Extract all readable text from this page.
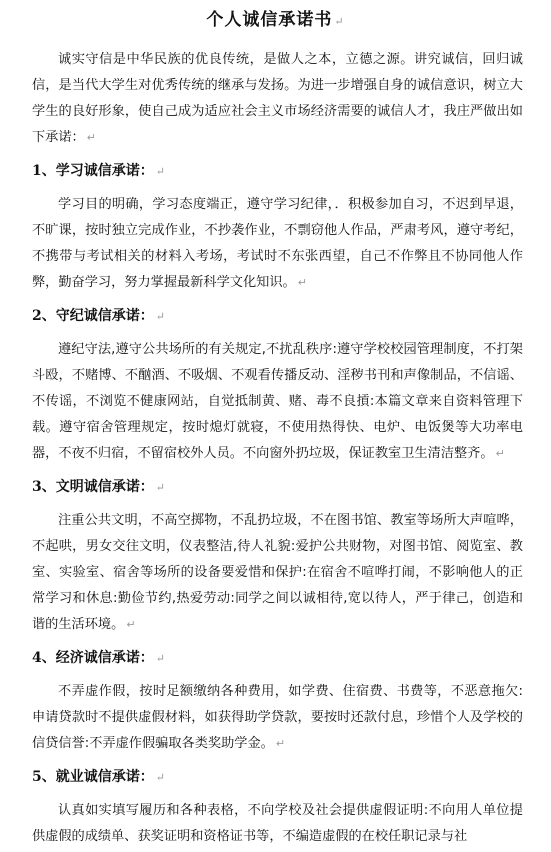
个人诚信承诺书 ↵
诚实守信是中华民族的优良传统，是做人之本，立德之源。讲究诚信，回归诚信，是当代大学生对优秀传统的继承与发扬。为进一步增强自身的诚信意识，树立大学生的良好形象，使自己成为适应社会主义市场经济需要的诚信人才，我庄严做出如下承诺： ↵
1、学习诚信承诺： ↵
学习目的明确，学习态度端正，遵守学习纪律，．积极参加自习，不迟到早退，不旷课，按时独立完成作业，不抄袭作业，不剽窃他人作品，严肃考风，遵守考纪，不携带与考试相关的材料入考场，考试时不东张西望，自己不作弊且不协同他人作弊，勤奋学习，努力掌握最新科学文化知识。 ↵
2、守纪诚信承诺： ↵
遵纪守法,遵守公共场所的有关规定,不扰乱秩序:遵守学校校园管理制度，不打架斗殴，不赌博、不酗酒、不吸烟、不观看传播反动、淫秽书刊和声像制品，不信谣、不传谣，不浏览不健康网站，自觉抵制黄、赌、毒不良摃:本篇文章来自资料管理下载。遵守宿舍管理规定，按时熄灯就寝，不使用热得快、电炉、电饭煲等大功率电器，不夜不归宿，不留宿校外人员。不向窗外扔垃圾，保证教室卫生清洁整齐。 ↵
3、文明诚信承诺： ↵
注重公共文明，不高空掷物，不乱扔垃圾，不在图书馆、教室等场所大声喧哗，不起哄，男女交往文明，仪表整洁,待人礼貌:爱护公共财物，对图书馆、阅览室、教室、实验室、宿舍等场所的设备要爱惜和保护:在宿舍不喧哗打闹，不影响他人的正常学习和休息:勤俭节约,热爱劳动:同学之间以诚相待,宽以待人，严于律己，创造和谐的生活环境。 ↵
4、经济诚信承诺： ↵
不弄虚作假，按时足额缴纳各种费用，如学费、住宿费、书费等，不恶意拖欠:申请贷款时不提供虚假材料，如获得助学贷款，要按时还款付息，珍惜个人及学校的信贷信誉:不弄虚作假骗取各类奖助学金。 ↵
5、就业诚信承诺： ↵
认真如实填写履历和各种表格，不向学校及社会提供虚假证明:不向用人单位提供虚假的成绩单、获奖证明和资格证书等，不编造虚假的在校任职记录与社
